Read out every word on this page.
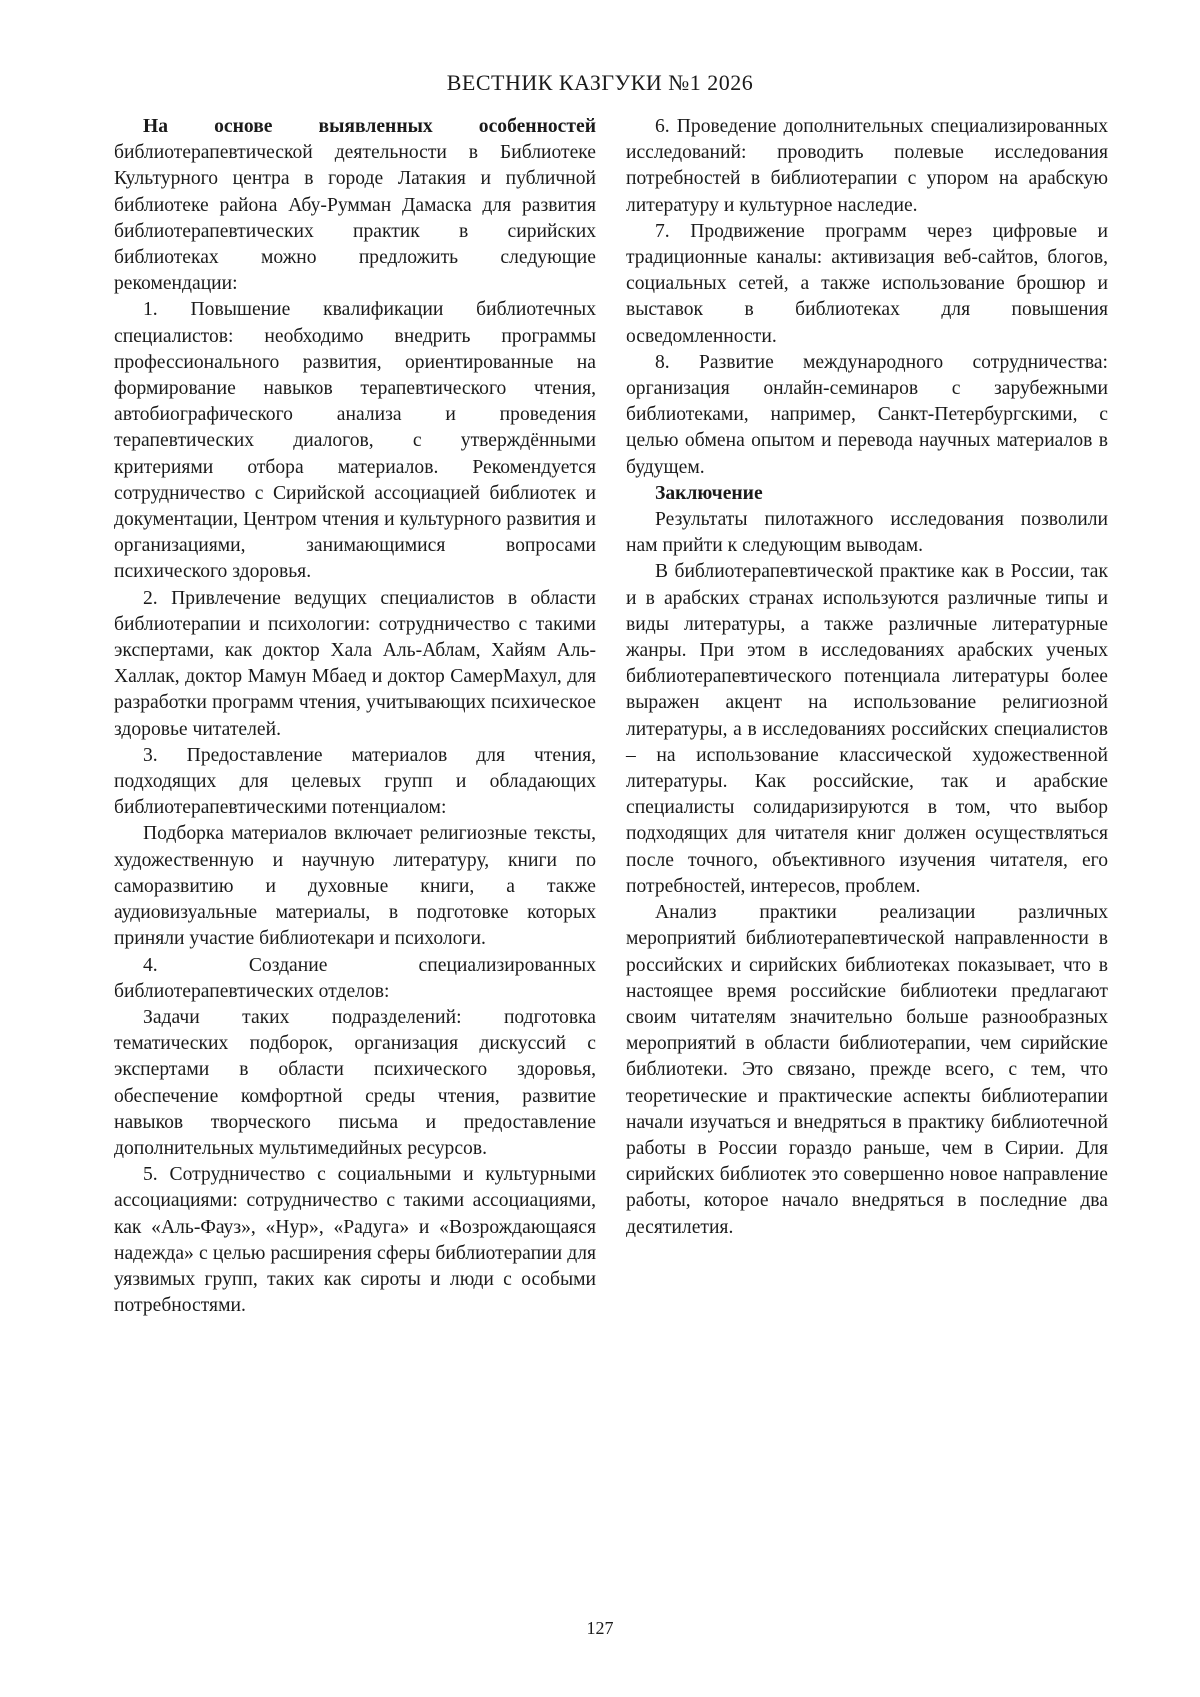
ВЕСТНИК КАЗГУКИ №1 2026

На основе выявленных особенностей библиотерапевтической деятельности в Библиотеке Культурного центра в городе Латакия и публичной библиотеке района Абу-Румман Дамаска для развития библиотерапевтических практик в сирийских библиотеках можно предложить следующие рекомендации:

1. Повышение квалификации библиотечных специалистов: необходимо внедрить программы профессионального развития, ориентированные на формирование навыков терапевтического чтения, автобиографического анализа и проведения терапевтических диалогов, с утверждёнными критериями отбора материалов. Рекомендуется сотрудничество с Сирийской ассоциацией библиотек и документации, Центром чтения и культурного развития и организациями, занимающимися вопросами психического здоровья.

2. Привлечение ведущих специалистов в области библиотерапии и психологии: сотрудничество с такими экспертами, как доктор Хала Аль-Аблам, Хайям Аль-Халлак, доктор Мамун Мбаед и доктор СамерМахул, для разработки программ чтения, учитывающих психическое здоровье читателей.

3. Предоставление материалов для чтения, подходящих для целевых групп и обладающих библиотерапевтическими потенциалом:

Подборка материалов включает религиозные тексты, художественную и научную литературу, книги по саморазвитию и духовные книги, а также аудиовизуальные материалы, в подготовке которых приняли участие библиотекари и психологи.

4. Создание специализированных библиотерапевтических отделов:

Задачи таких подразделений: подготовка тематических подборок, организация дискуссий с экспертами в области психического здоровья, обеспечение комфортной среды чтения, развитие навыков творческого письма и предоставление дополнительных мультимедийных ресурсов.

5. Сотрудничество с социальными и культурными ассоциациями: сотрудничество с такими ассоциациями, как «Аль-Фауз», «Нур», «Радуга» и «Возрождающаяся надежда» с целью расширения сферы библиотерапии для уязвимых групп, таких как сироты и люди с особыми потребностями.

6. Проведение дополнительных специализированных исследований: проводить полевые исследования потребностей в библиотерапии с упором на арабскую литературу и культурное наследие.

7. Продвижение программ через цифровые и традиционные каналы: активизация веб-сайтов, блогов, социальных сетей, а также использование брошюр и выставок в библиотеках для повышения осведомленности.

8. Развитие международного сотрудничества: организация онлайн-семинаров с зарубежными библиотеками, например, Санкт-Петербургскими, с целью обмена опытом и перевода научных материалов в будущем.

Заключение

Результаты пилотажного исследования позволили нам прийти к следующим выводам.

В библиотерапевтической практике как в России, так и в арабских странах используются различные типы и виды литературы, а также различные литературные жанры. При этом в исследованиях арабских ученых библиотерапевтического потенциала литературы более выражен акцент на использование религиозной литературы, а в исследованиях российских специалистов – на использование классической художественной литературы. Как российские, так и арабские специалисты солидаризируются в том, что выбор подходящих для читателя книг должен осуществляться после точного, объективного изучения читателя, его потребностей, интересов, проблем.

Анализ практики реализации различных мероприятий библиотерапевтической направленности в российских и сирийских библиотеках показывает, что в настоящее время российские библиотеки предлагают своим читателям значительно больше разнообразных мероприятий в области библиотерапии, чем сирийские библиотеки. Это связано, прежде всего, с тем, что теоретические и практические аспекты библиотерапии начали изучаться и внедряться в практику библиотечной работы в России гораздо раньше, чем в Сирии. Для сирийских библиотек это совершенно новое направление работы, которое начало внедряться в последние два десятилетия.

127
